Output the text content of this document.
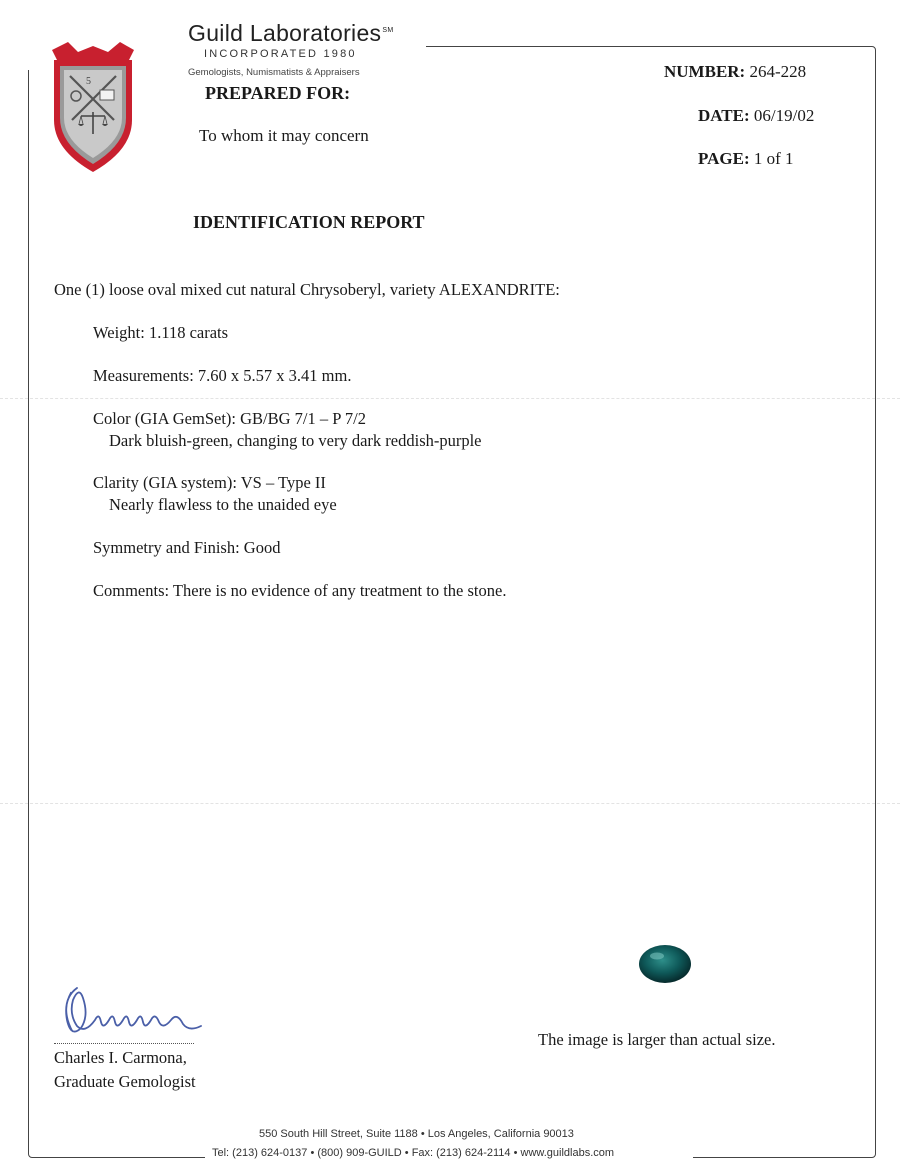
5
Guild Laboratories℠
INCORPORATED 1980
Gemologists, Numismatists & Appraisers
PREPARED FOR:
To whom it may concern
NUMBER: 264-228
DATE: 06/19/02
PAGE: 1 of 1
IDENTIFICATION REPORT
One (1) loose oval mixed cut natural Chrysoberyl, variety ALEXANDRITE:
Weight: 1.118 carats
Measurements: 7.60 x 5.57 x 3.41 mm.
Color (GIA GemSet): GB/BG 7/1 – P 7/2
Dark bluish-green, changing to very dark reddish-purple
Clarity (GIA system): VS – Type II
Nearly flawless to the unaided eye
Symmetry and Finish: Good
Comments: There is no evidence of any treatment to the stone.
Charles I. Carmona,
Graduate Gemologist
The image is larger than actual size.
550 South Hill Street, Suite 1188 • Los Angeles, California 90013
Tel: (213) 624-0137 • (800) 909-GUILD • Fax: (213) 624-2114 • www.guildlabs.com
